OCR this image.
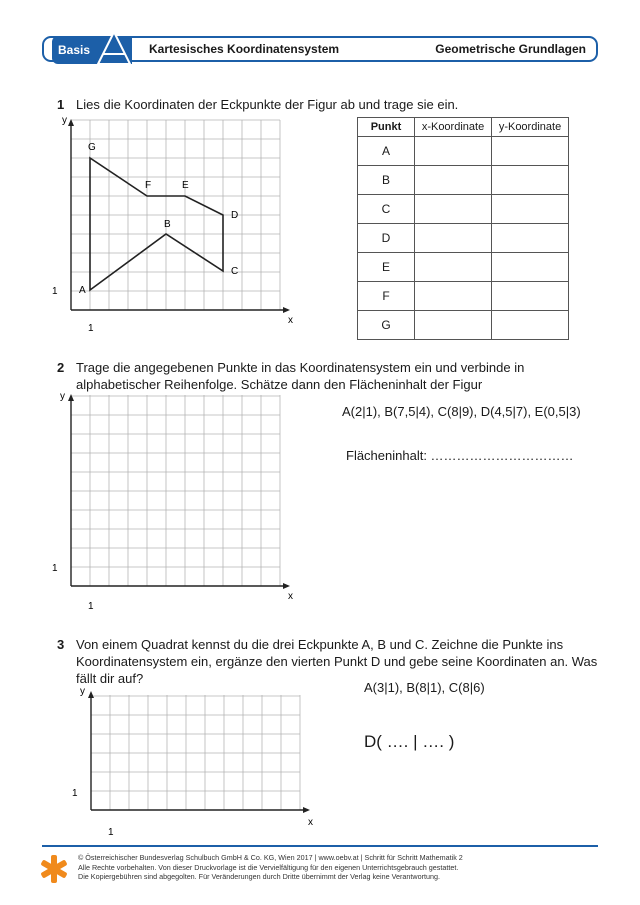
Kartesisches Koordinatensystem	Geometrische Grundlagen
Basis
1 Lies die Koordinaten der Eckpunkte der Figur ab und trage sie ein.
x
y
1
1 A
B
C
D
E
F
G
Punkt	x-Koordinate	y-Koordinate
A		
B		
C		
D		
E		
F		
G		
2 Trage die angegebenen Punkte in das Koordinatensystem ein und verbinde in
alphabetischer Reihenfolge. Schätze dann den Flächeninhalt der Figur
x
y
1
1
A(2|1), B(7,5|4), C(8|9), D(4,5|7), E(0,5|3)
Flächeninhalt: ……………………………
3 Von einem Quadrat kennst du die drei Eckpunkte A, B und C. Zeichne die Punkte ins
Koordinatensystem ein, ergänze den vierten Punkt D und gebe seine Koordinaten an. Was
fällt dir auf?
x
y
1
1
A(3|1), B(8|1), C(8|6)
D( …. | …. )
© Österreichischer Bundesverlag Schulbuch GmbH & Co. KG, Wien 2017 | www.oebv.at | Schritt für Schritt Mathematik 2
Alle Rechte vorbehalten. Von dieser Druckvorlage ist die Vervielfältigung für den eigenen Unterrichtsgebrauch gestattet.
Die Kopiergebühren sind abgegolten. Für Veränderungen durch Dritte übernimmt der Verlag keine Verantwortung.
